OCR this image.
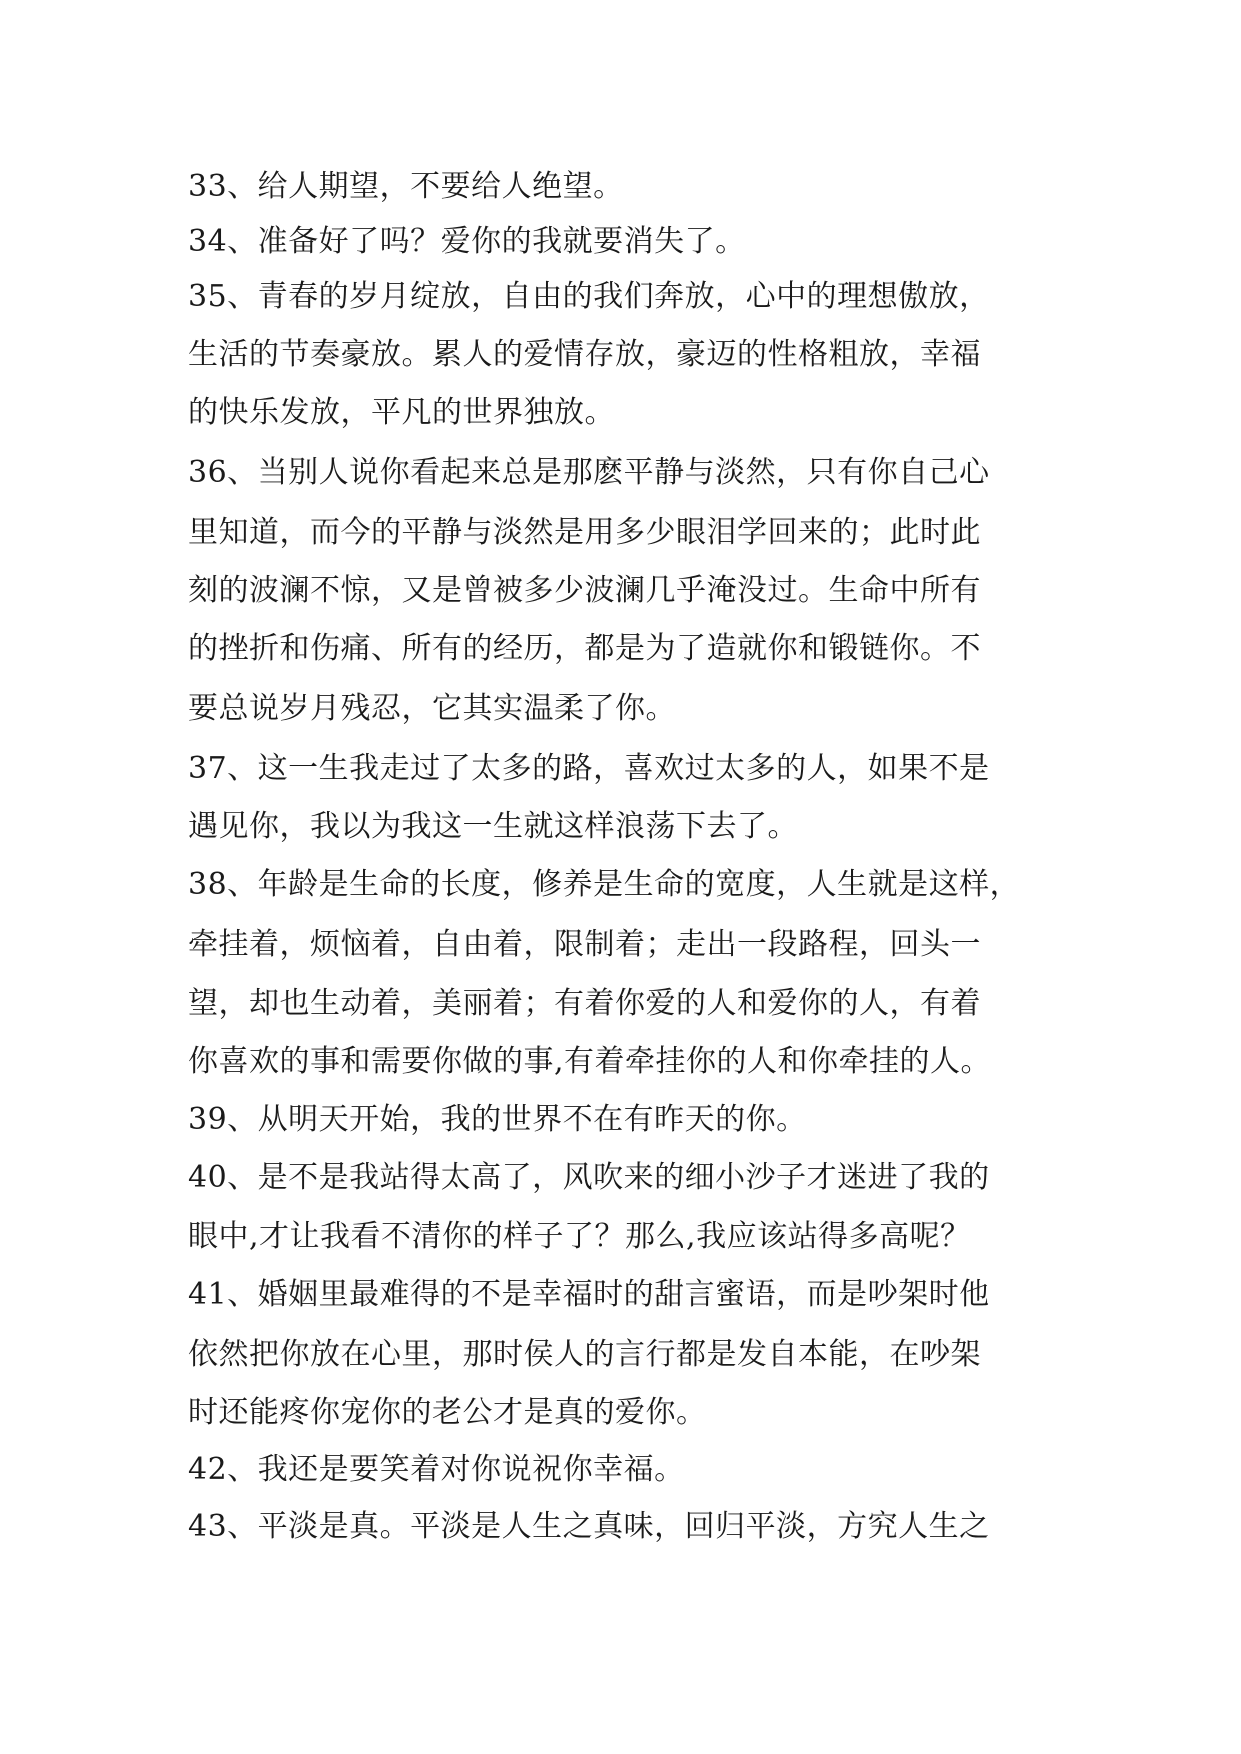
33、给人期望，不要给人绝望。
34、准备好了吗？爱你的我就要消失了。
35、青春的岁月绽放，自由的我们奔放，心中的理想傲放，
生活的节奏豪放。累人的爱情存放，豪迈的性格粗放，幸福
的快乐发放，平凡的世界独放。
36、当别人说你看起来总是那麽平静与淡然，只有你自己心
里知道，而今的平静与淡然是用多少眼泪学回来的；此时此
刻的波澜不惊，又是曾被多少波澜几乎淹没过。生命中所有
的挫折和伤痛、所有的经历，都是为了造就你和锻链你。不
要总说岁月残忍，它其实温柔了你。
37、这一生我走过了太多的路，喜欢过太多的人，如果不是
遇见你，我以为我这一生就这样浪荡下去了。
38、年龄是生命的长度，修养是生命的宽度，人生就是这样，
牵挂着，烦恼着，自由着，限制着；走出一段路程，回头一
望，却也生动着，美丽着；有着你爱的人和爱你的人，有着
你喜欢的事和需要你做的事,有着牵挂你的人和你牵挂的人。
39、从明天开始，我的世界不在有昨天的你。
40、是不是我站得太高了，风吹来的细小沙子才迷进了我的
眼中,才让我看不清你的样子了？那么,我应该站得多高呢？
41、婚姻里最难得的不是幸福时的甜言蜜语，而是吵架时他
依然把你放在心里，那时侯人的言行都是发自本能，在吵架
时还能疼你宠你的老公才是真的爱你。
42、我还是要笑着对你说祝你幸福。
43、平淡是真。平淡是人生之真味，回归平淡，方究人生之
